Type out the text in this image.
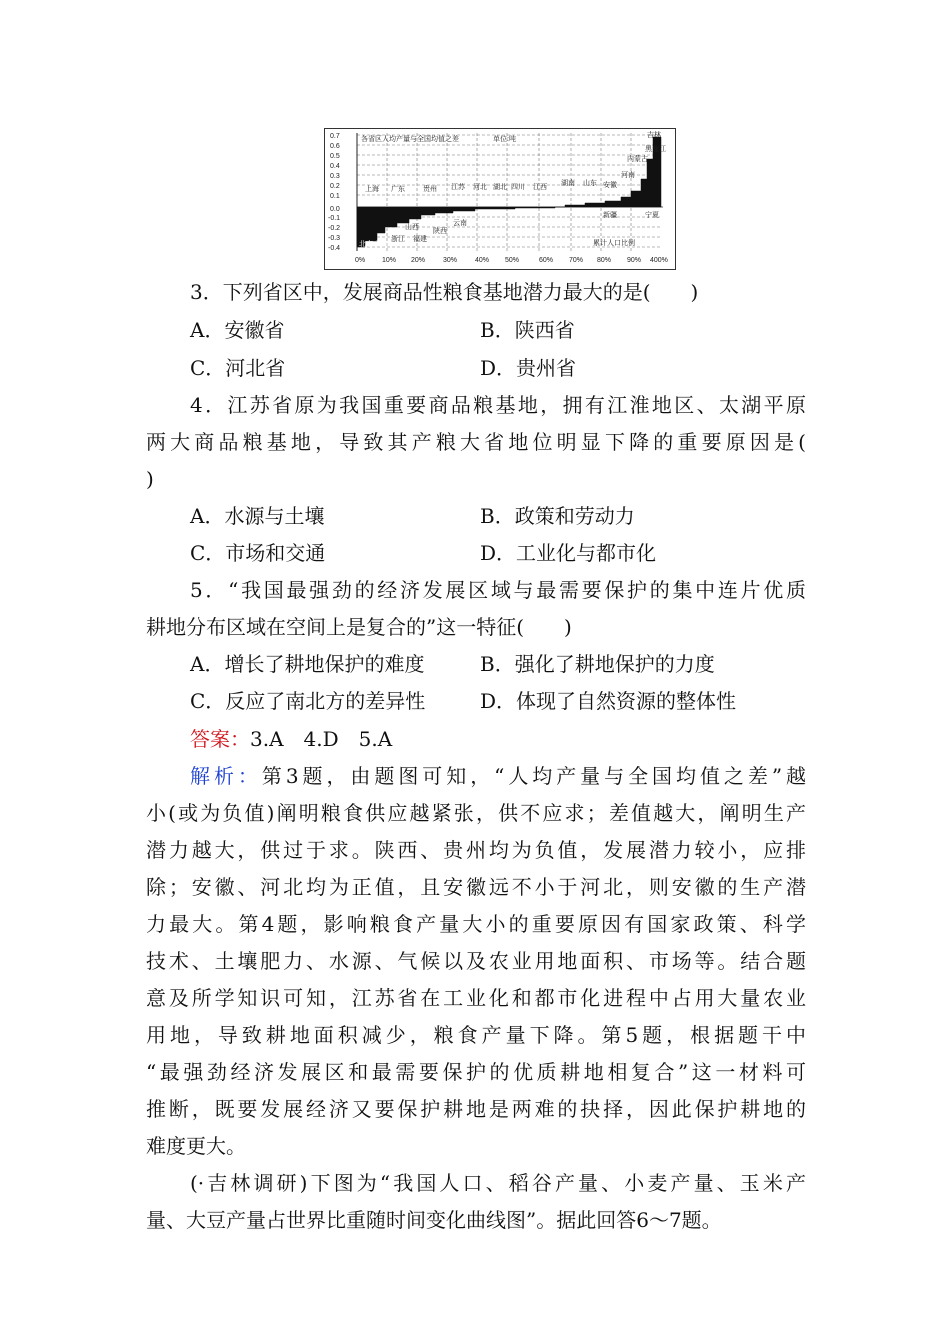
0.7
0.6
0.5
0.4
0.3
0.2
0.1
0.0
-0.1
-0.2
-0.3
-0.4
0% 10% 20%	30%	40% 50%	60% 70% 80% 90% 400%
各省区人均产量与全国均值之差	单位:吨
累计人口比例
吉林
黑龙江
内蒙古
河南
安徽
山东
湖南
江西
四川
湖北
河北
江苏
贵州
广东
上海
山西
云南
陕西
福建
浙江
北京 天津
新疆	宁夏
3．下列省区中，发展商品性粮食基地潜力最大的是(　　)
A．安徽省	B．陕西省
C．河北省	D．贵州省
4．江苏省原为我国重要商品粮基地，拥有江淮地区、太湖平原
两大商品粮基地，导致其产粮大省地位明显下降的重要原因是(
)
A．水源与土壤	B．政策和劳动力
C．市场和交通	D．工业化与都市化
5．“我国最强劲的经济发展区域与最需要保护的集中连片优质
耕地分布区域在空间上是复合的”这一特征(　　)
A．增长了耕地保护的难度	B．强化了耕地保护的力度
C．反应了南北方的差异性	D．体现了自然资源的整体性
答案：3.A　4.D　5.A
解析：第3题，由题图可知，“人均产量与全国均值之差”越
小(或为负值)阐明粮食供应越紧张，供不应求；差值越大，阐明生产
潜力越大，供过于求。陕西、贵州均为负值，发展潜力较小，应排
除；安徽、河北均为正值，且安徽远不小于河北，则安徽的生产潜
力最大。第4题，影响粮食产量大小的重要原因有国家政策、科学
技术、土壤肥力、水源、气候以及农业用地面积、市场等。结合题
意及所学知识可知，江苏省在工业化和都市化进程中占用大量农业
用地，导致耕地面积减少，粮食产量下降。第5题，根据题干中
“最强劲经济发展区和最需要保护的优质耕地相复合”这一材料可
推断，既要发展经济又要保护耕地是两难的抉择，因此保护耕地的
难度更大。
(·吉林调研)下图为“我国人口、稻谷产量、小麦产量、玉米产
量、大豆产量占世界比重随时间变化曲线图”。据此回答6～7题。
